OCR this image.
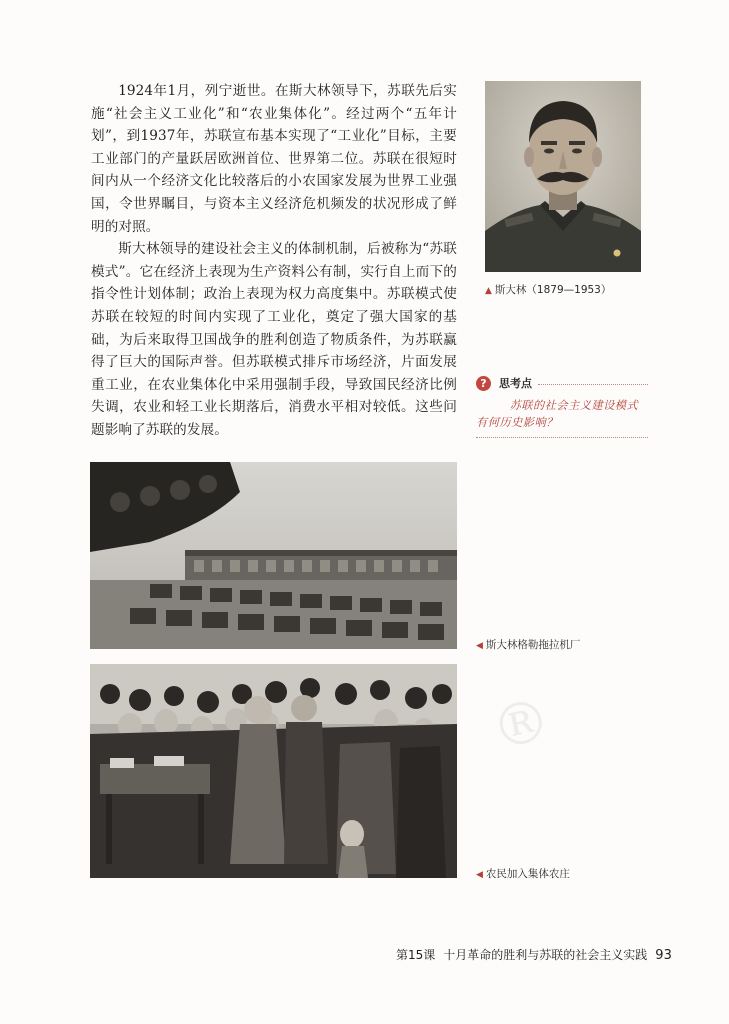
1924年1月，列宁逝世。在斯大林领导下，苏联先后实施“社会主义工业化”和“农业集体化”。经过两个“五年计划”，到1937年，苏联宣布基本实现了“工业化”目标，主要工业部门的产量跃居欧洲首位、世界第二位。苏联在很短时间内从一个经济文化比较落后的小农国家发展为世界工业强国，令世界瞩目，与资本主义经济危机频发的状况形成了鲜明的对照。

斯大林领导的建设社会主义的体制机制，后被称为“苏联模式”。它在经济上表现为生产资料公有制，实行自上而下的指令性计划体制；政治上表现为权力高度集中。苏联模式使苏联在较短的时间内实现了工业化，奠定了强大国家的基础，为后来取得卫国战争的胜利创造了物质条件，为苏联赢得了巨大的国际声誉。但苏联模式排斥市场经济，片面发展重工业，在农业集体化中采用强制手段，导致国民经济比例失调，农业和轻工业长期落后，消费水平相对较低。这些问题影响了苏联的发展。

▲ 斯大林（1879—1953）
?	思考点
苏联的社会主义建设模式有何历史影响？
◀ 斯大林格勒拖拉机厂
◀ 农民加入集体农庄
®
第15课 十月革命的胜利与苏联的社会主义实践 93
